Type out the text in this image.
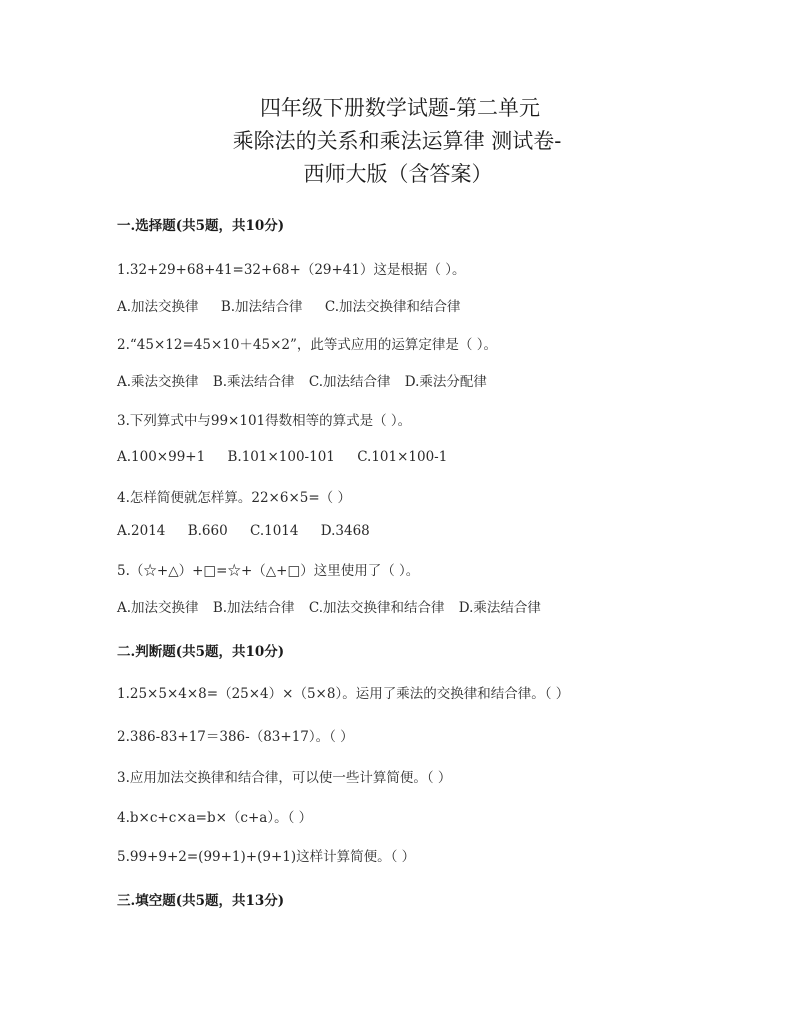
四年级下册数学试题-第二单元
乘除法的关系和乘法运算律 测试卷-
西师大版（含答案）
一.选择题(共5题，共10分)
1.32+29+68+41=32+68+（29+41）这是根据（ ）。
A.加法交换律 B.加法结合律 C.加法交换律和结合律
2.“45×12=45×10＋45×2”，此等式应用的运算定律是（ ）。
A.乘法交换律 B.乘法结合律 C.加法结合律 D.乘法分配律
3.下列算式中与99×101得数相等的算式是（ ）。
A.100×99+1 B.101×100-101 C.101×100-1
4.怎样简便就怎样算。22×6×5=（ ）
A.2014 B.660 C.1014 D.3468
5.（☆+△）+□=☆+（△+□）这里使用了（ ）。
A.加法交换律 B.加法结合律 C.加法交换律和结合律 D.乘法结合律
二.判断题(共5题，共10分)
1.25×5×4×8=（25×4）×（5×8）。运用了乘法的交换律和结合律。（ ）
2.386-83+17＝386-（83+17）。（ ）
3.应用加法交换律和结合律，可以使一些计算简便。（ ）
4.b×c+c×a=b×（c+a）。（ ）
5.99+9+2=(99+1)+(9+1)这样计算简便。（ ）
三.填空题(共5题，共13分)
